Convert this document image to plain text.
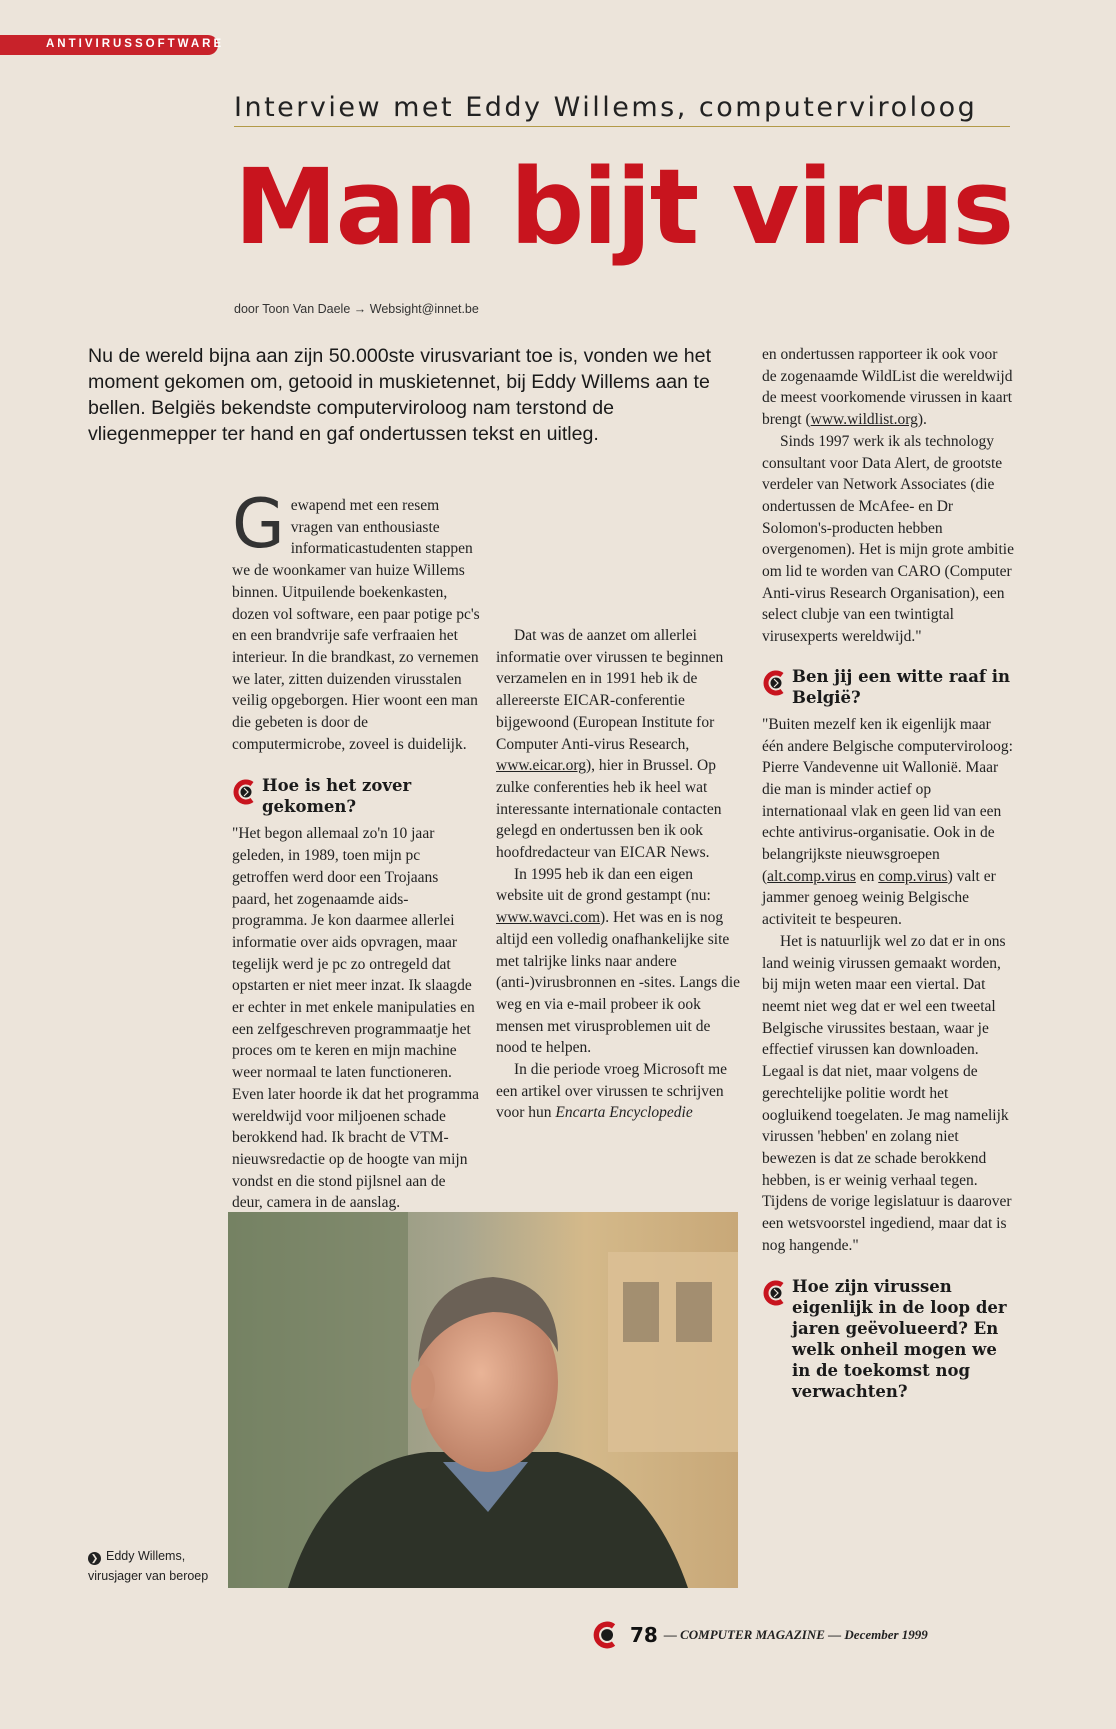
ANTIVIRUSSOFTWARE
Interview met Eddy Willems, computerviroloog
Man bijt virus
door Toon Van Daele → Websight@innet.be

Nu de wereld bijna aan zijn 50.000ste virusvariant toe is, vonden we het moment gekomen om, getooid in muskietennet, bij Eddy Willems aan te bellen. Belgiës bekendste computerviroloog nam terstond de vliegenmepper ter hand en gaf ondertussen tekst en uitleg.

Gewapend met een resem vragen van enthousiaste informaticastudenten stappen we de woonkamer van huize Willems binnen. Uitpuilende boekenkasten, dozen vol software, een paar potige pc's en een brandvrije safe verfraaien het interieur. In die brandkast, zo vernemen we later, zitten duizenden virusstalen veilig opgeborgen. Hier woont een man die gebeten is door de computermicrobe, zoveel is duidelijk.

Hoe is het zover gekomen?

"Het begon allemaal zo'n 10 jaar geleden, in 1989, toen mijn pc getroffen werd door een Trojaans paard, het zogenaamde aids-programma. Je kon daarmee allerlei informatie over aids opvragen, maar tegelijk werd je pc zo ontregeld dat opstarten er niet meer inzat. Ik slaagde er echter in met enkele manipulaties en een zelfgeschreven programmaatje het proces om te keren en mijn machine weer normaal te laten functioneren. Even later hoorde ik dat het programma wereldwijd voor miljoenen schade berokkend had. Ik bracht de VTM-nieuwsredactie op de hoogte van mijn vondst en die stond pijlsnel aan de deur, camera in de aanslag.

Dat was de aanzet om allerlei informatie over virussen te beginnen verzamelen en in 1991 heb ik de allereerste EICAR-conferentie bijgewoond (European Institute for Computer Anti-virus Research, www.eicar.org), hier in Brussel. Op zulke conferenties heb ik heel wat interessante internationale contacten gelegd en ondertussen ben ik ook hoofdredacteur van EICAR News.

In 1995 heb ik dan een eigen website uit de grond gestampt (nu: www.wavci.com). Het was en is nog altijd een volledig onafhankelijke site met talrijke links naar andere (anti-)virusbronnen en -sites. Langs die weg en via e-mail probeer ik ook mensen met virusproblemen uit de nood te helpen.

In die periode vroeg Microsoft me een artikel over virussen te schrijven voor hun Encarta Encyclopedie

en ondertussen rapporteer ik ook voor de zogenaamde WildList die wereldwijd de meest voorkomende virussen in kaart brengt (www.wildlist.org).

Sinds 1997 werk ik als technology consultant voor Data Alert, de grootste verdeler van Network Associates (die ondertussen de McAfee- en Dr Solomon's-producten hebben overgenomen). Het is mijn grote ambitie om lid te worden van CARO (Computer Anti-virus Research Organisation), een select clubje van een twintigtal virusexperts wereldwijd."

Ben jij een witte raaf in België?

"Buiten mezelf ken ik eigenlijk maar één andere Belgische computerviroloog: Pierre Vandevenne uit Wallonië. Maar die man is minder actief op internationaal vlak en geen lid van een echte antivirus-organisatie. Ook in de belangrijkste nieuwsgroepen (alt.comp.virus en comp.virus) valt er jammer genoeg weinig Belgische activiteit te bespeuren.

Het is natuurlijk wel zo dat er in ons land weinig virussen gemaakt worden, bij mijn weten maar een viertal. Dat neemt niet weg dat er wel een tweetal Belgische virussites bestaan, waar je effectief virussen kan downloaden. Legaal is dat niet, maar volgens de gerechtelijke politie wordt het oogluikend toegelaten. Je mag namelijk virussen 'hebben' en zolang niet bewezen is dat ze schade berokkend hebben, is er weinig verhaal tegen. Tijdens de vorige legislatuur is daarover een wetsvoorstel ingediend, maar dat is nog hangende."

Hoe zijn virussen eigenlijk in de loop der jaren geëvolueerd? En welk onheil mogen we in de toekomst nog verwachten?
❯ Eddy Willems, virusjager van beroep
78 — COMPUTER MAGAZINE — December 1999
